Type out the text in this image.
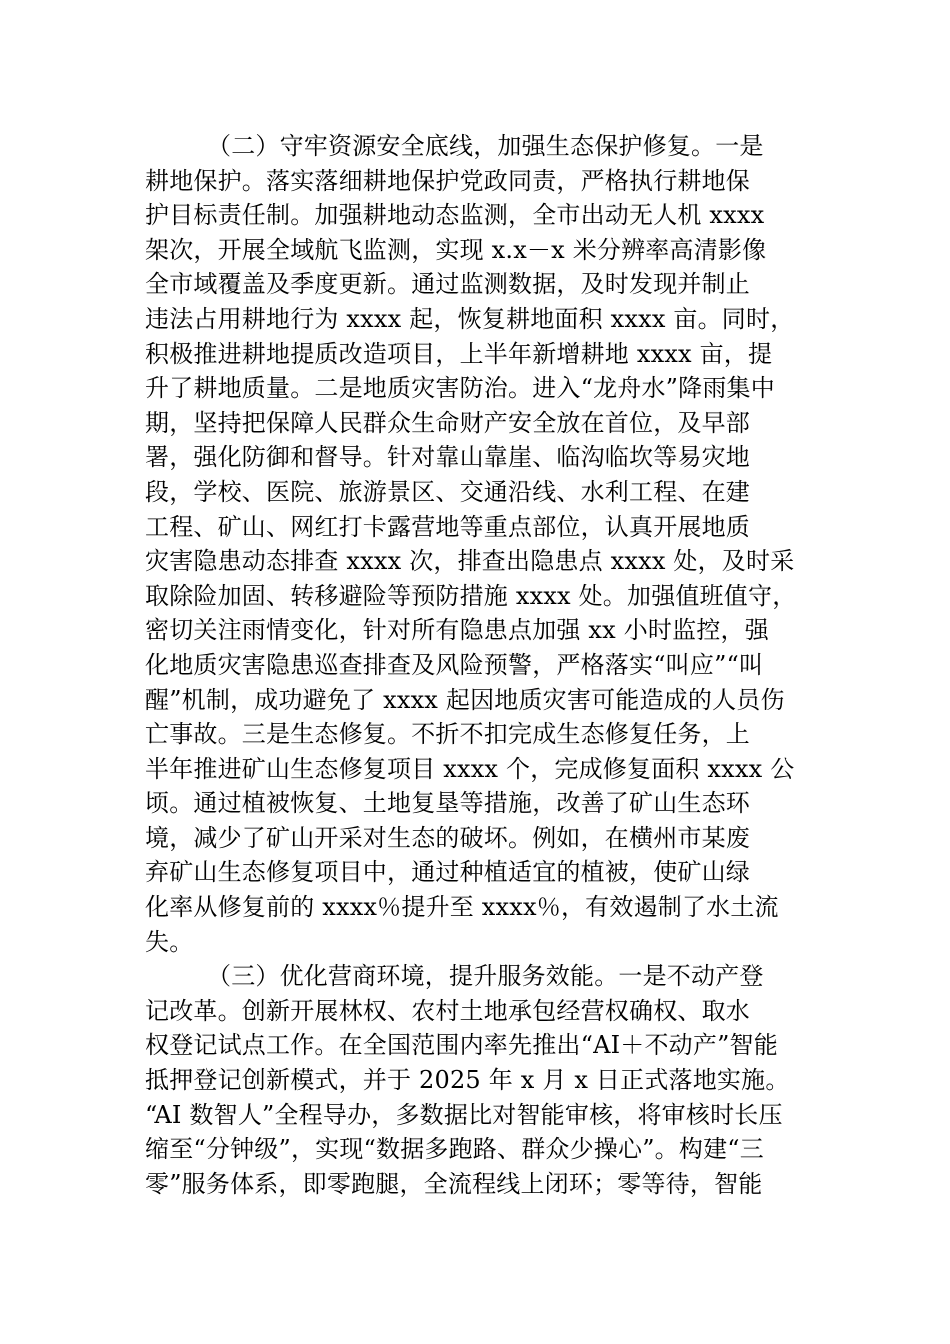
（二）守牢资源安全底线，加强生态保护修复。一是
耕地保护。落实落细耕地保护党政同责，严格执行耕地保
护目标责任制。加强耕地动态监测，全市出动无人机 xxxx
架次，开展全域航飞监测，实现 x.x－x 米分辨率高清影像
全市域覆盖及季度更新。通过监测数据，及时发现并制止
违法占用耕地行为 xxxx 起，恢复耕地面积 xxxx 亩。同时，
积极推进耕地提质改造项目，上半年新增耕地 xxxx 亩，提
升了耕地质量。二是地质灾害防治。进入“龙舟水”降雨集中
期，坚持把保障人民群众生命财产安全放在首位，及早部
署，强化防御和督导。针对靠山靠崖、临沟临坎等易灾地
段，学校、医院、旅游景区、交通沿线、水利工程、在建
工程、矿山、网红打卡露营地等重点部位，认真开展地质
灾害隐患动态排查 xxxx 次，排查出隐患点 xxxx 处，及时采
取除险加固、转移避险等预防措施 xxxx 处。加强值班值守，
密切关注雨情变化，针对所有隐患点加强 xx 小时监控，强
化地质灾害隐患巡查排查及风险预警，严格落实“叫应”“叫
醒”机制，成功避免了 xxxx 起因地质灾害可能造成的人员伤
亡事故。三是生态修复。不折不扣完成生态修复任务，上
半年推进矿山生态修复项目 xxxx 个，完成修复面积 xxxx 公
顷。通过植被恢复、土地复垦等措施，改善了矿山生态环
境，减少了矿山开采对生态的破坏。例如，在横州市某废
弃矿山生态修复项目中，通过种植适宜的植被，使矿山绿
化率从修复前的 xxxx％提升至 xxxx％，有效遏制了水土流
失。
（三）优化营商环境，提升服务效能。一是不动产登
记改革。创新开展林权、农村土地承包经营权确权、取水
权登记试点工作。在全国范围内率先推出“AI＋不动产”智能
抵押登记创新模式，并于 2025 年 x 月 x 日正式落地实施。
“AI 数智人”全程导办，多数据比对智能审核，将审核时长压
缩至“分钟级”，实现“数据多跑路、群众少操心”。构建“三
零”服务体系，即零跑腿，全流程线上闭环；零等待，智能
